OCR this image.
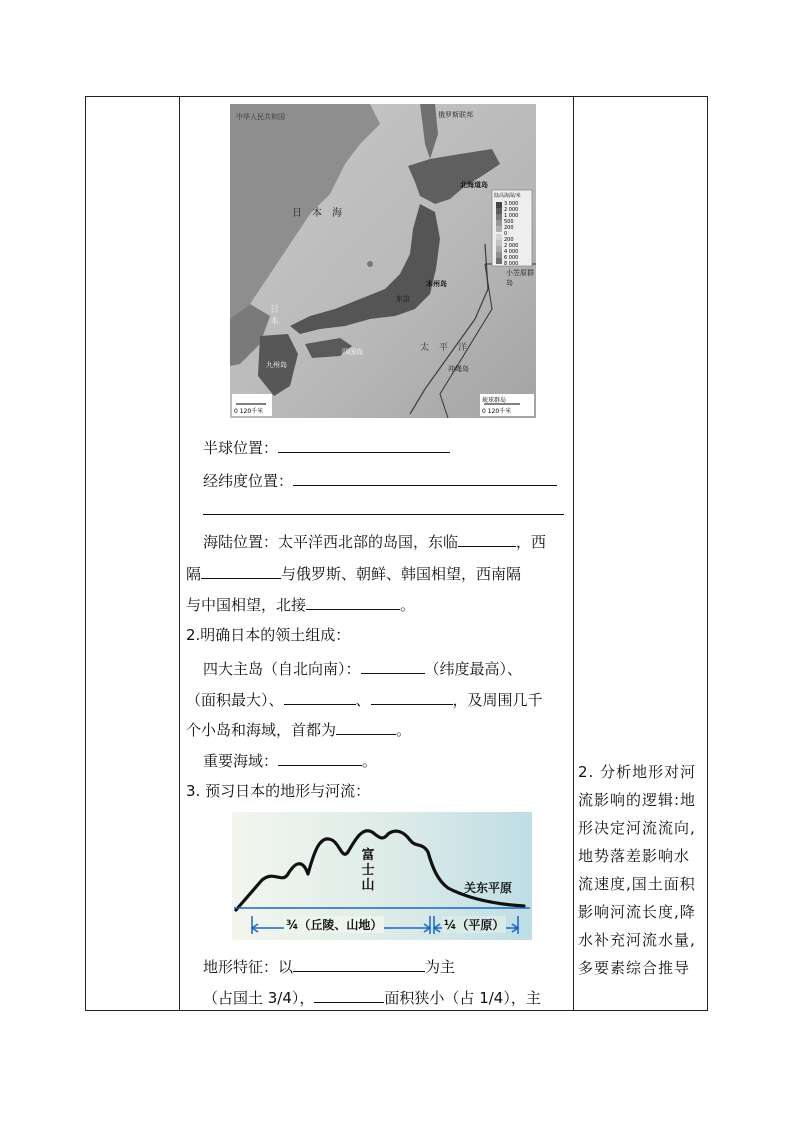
中华人民共和国	俄罗斯联邦
北海道岛
日本海
本州岛
东京
四国岛
九州岛
太平洋
冲绳岛
小笠原群岛
日
本
0 120千米
琉球群岛
0 120千米
陆高海深/米
3 000
2 000
1 000
500
200
0
200
2 000
4 000
6 000
8 000
半球位置：
经纬度位置：
海陆位置：太平洋西北部的岛国，东临	，西
隔	与俄罗斯、朝鲜、韩国相望，西南隔
与中国相望，北接	。
2.明确日本的领土组成：
四大主岛（自北向南）：	（纬度最高）、
（面积最大）、	、	，及周围几千
个小岛和海域，首都为	。
重要海域：	。
3. 预习日本的地形与河流：
富
士
山	关东平原
¾（丘陵、山地）	¼（平原）
地形特征：以	为主
（占国土 3/4），	面积狭小（占 1/4），主
2. 分析地形对河
流影响的逻辑:地
形决定河流流向,
地势落差影响水
流速度,国土面积
影响河流长度,降
水补充河流水量,
多要素综合推导
